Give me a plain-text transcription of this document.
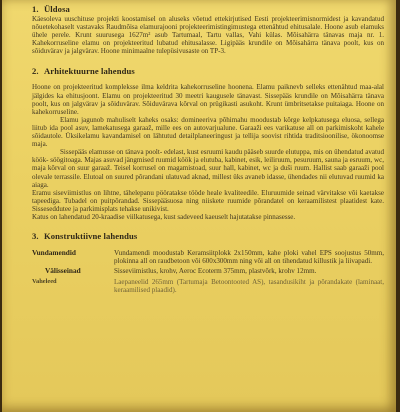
1. Üldosa

Käesoleva uuschituse projekti koostamisel on aluseks võetud ettekirjutised Eesti projekteerimisnormidest ja kavandatud nõuetekohaselt vastavaks Raudmõisa elamurajooni projekteerimistingimustega ettenähtud ehitusalale. Hoone asub elamuks ühele perele. Krunt suurusega 1627m² asub Tartumaal, Tartu vallas, Vahi külas. Mõisahärra tänavas maja nr. 1. Kahekorruseline elamu on projekteeritud lubatud ehitusalasse. Ligipääs krundile on Mõisahärra tänava poolt, kus on sõiduvärav ja jalgvärav. Hoone minimaalne tulepüsivusaste on TP-3.

2. Arhitektuurne lahendus

Hoone on projekteeritud kompleksse ilma keldrita kahekorruseline hoonena. Elamu paiknevb selleks ettenähtud maa-alal jälgides ka ehitusjoont. Elamu on projekteeritud 30 meetri kaugusele tänavast. Sissepääs krundile on Mõisahärra tänava poolt, kus on jalgvärav ja sõiduvärav. Sõiduvärava kõrval on prügikasti asukoht. Krunt ümbritsetakse puitaiaga. Hoone on kahekorruseline.

Elamu jagunob mahuliselt kaheks osaks: domineeriva põhimahu moodustab kõrge kelpkatusega eluosa, sellega liitub ida pool asuv, lamekatusega garaaž, mille ees on autovarjualune. Garaaži ees varikatuse all on parkimiskoht kahele sõidautole. Üksikelamu kavandamisel on lähtutud detailplaneeringust ja tellija soovist rihtida traditsioonilise, ökonoomse maja.

Sissepääs elamusse on tänava poolt- edelast, kust esruumi kaudu pääseb suurde elutuppa, mis on ühendatud avatud köök- söögitoaga. Majas asuvad jängmised ruumid köök ja elutuba, kabinet, esik, leiliruum, pesuruum, sauna ja esruum, wc, maja kõrval on suur garaaž. Teisel korrusel on magamistoad, suur hall, kabinet, wc ja duši ruum. Hallist saab garaaži pool olevale terrassile. Elutoal on suured põrandani ulatuvad aknad, millest üks avaneb idasse, ühendades nii elutuvad ruumid ka aiaga.

Eramu siseviimistlus on lihtne, tähelepanu pööratakse tööde heale kvaliteedile. Eluruumide seinad värvitakse või kaetakse tapeediga. Tubadel on puitpõrandad. Sissepääsuosa ning niiskete ruumide põrandatel on keraamilistest plaatidest kate. Sisseseddutee ja parkimisplats tehakse unikivist.

Katus on lahendatud 20-kraadise viilkatusega, kust sadeveed kaeuselt hajutatakse pinnasesse.

3. Konstruktiivne lahendus
Vundamendid	Vundamendi moodustab Keramsiitplokk 2x150mm, kahe ploki vahel EPS soojustus 50mm, plokinna all on raudbetoon või 600x300mm ning või all on tihendatud killustik ja liivapadi.
Välisseinad	Sisseviimistlus, krohv, Aeroc Ecoterm 375mm, plastvõrk, krohv 12mm.
Vaheleed	Laepaneelid 265mm (Tartumaja Betoontooted AS), tasandusikiht ja põrandakate (laminaat, keraamilised plaadid).
